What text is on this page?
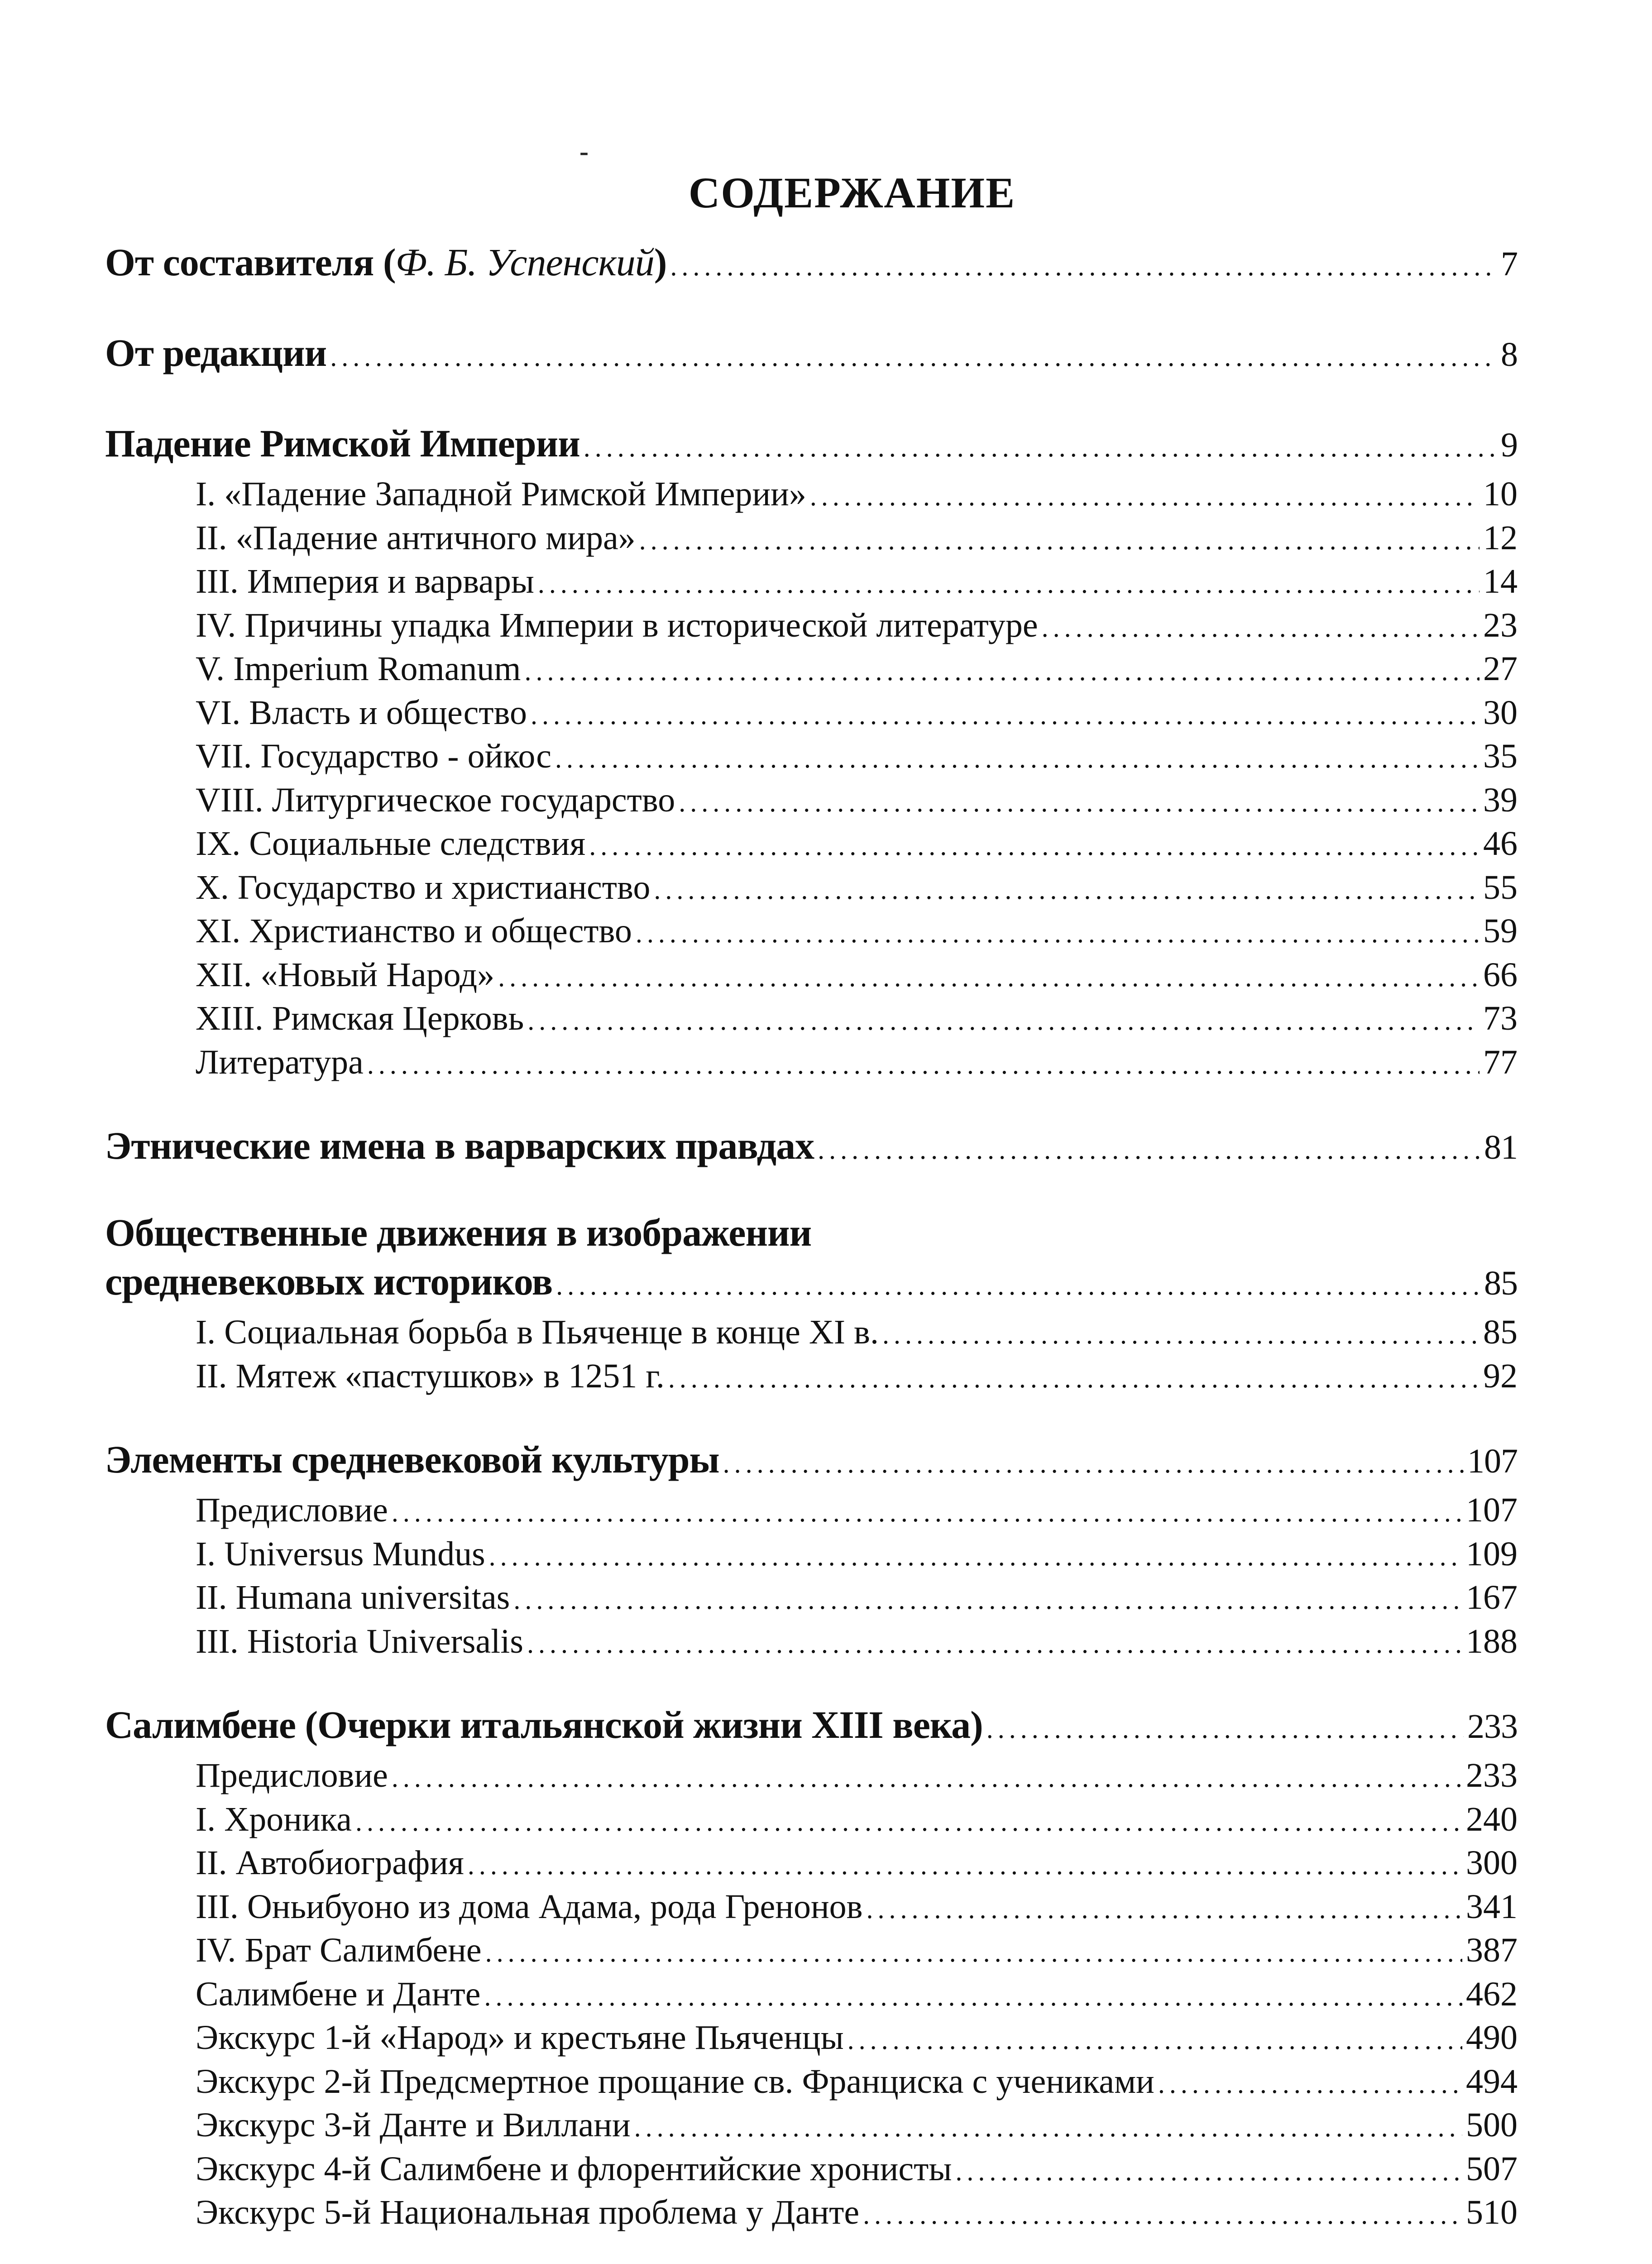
-
СОДЕРЖАНИЕ
От составителя (Ф. Б. Успенский) .....	7
От редакции .....	8
Падение Римской Империи .....	9
I. «Падение Западной Римской Империи» .....	10
II. «Падение античного мира» .....	12
III. Империя и варвары .....	14
IV. Причины упадка Империи в исторической литературе .....	23
V. Imperium Romanum .....	27
VI. Власть и общество .....	30
VII. Государство - ойкос .....	35
VIII. Литургическое государство .....	39
IX. Социальные следствия .....	46
X. Государство и христианство .....	55
XI. Христианство и общество .....	59
XII. «Новый Народ» .....	66
XIII. Римская Церковь .....	73
Литература .....	77
Этнические имена в варварских правдах .....	81
Общественные движения в изображении
средневековых историков .....	85
I. Социальная борьба в Пьяченце в конце XI в. .....	85
II. Мятеж «пастушков» в 1251 г. .....	92
Элементы средневековой культуры .....	107
Предисловие .....	107
I. Universus Mundus .....	109
II. Humana universitas .....	167
III. Historia Universalis .....	188
Салимбене (Очерки итальянской жизни XIII века) .....	233
Предисловие .....	233
I. Хроника .....	240
II. Автобиография .....	300
III. Оньибуоно из дома Адама, рода Гренонов .....	341
IV. Брат Салимбене .....	387
Салимбене и Данте .....	462
Экскурс 1-й «Народ» и крестьяне Пьяченцы .....	490
Экскурс 2-й Предсмертное прощание св. Франциска с учениками .....	494
Экскурс 3-й Данте и Виллани .....	500
Экскурс 4-й Салимбене и флорентийские хронисты .....	507
Экскурс 5-й Национальная проблема у Данте .....	510
